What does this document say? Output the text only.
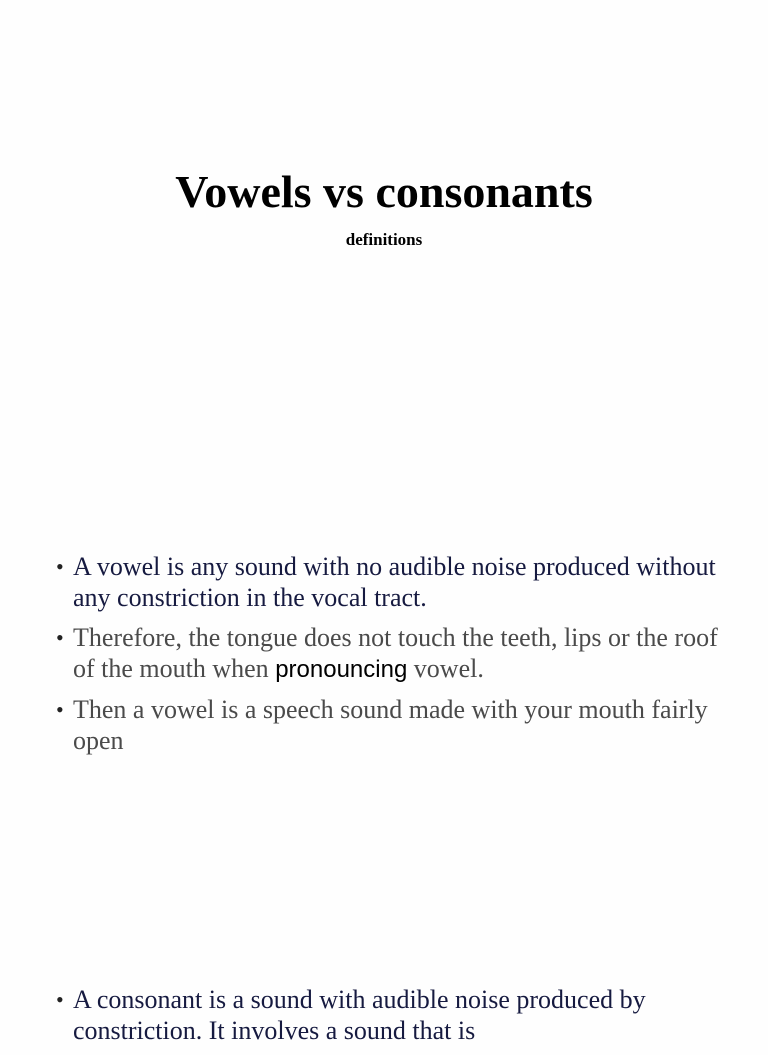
Vowels vs consonants
definitions
• A vowel is any sound with no audible noise produced without any constriction in the vocal tract.
• Therefore, the tongue does not touch the teeth, lips or the roof of the mouth when pronouncing vowel.
• Then a vowel is a speech sound made with your mouth fairly open
• A consonant is a sound with audible noise produced by constriction. It involves a sound that is
